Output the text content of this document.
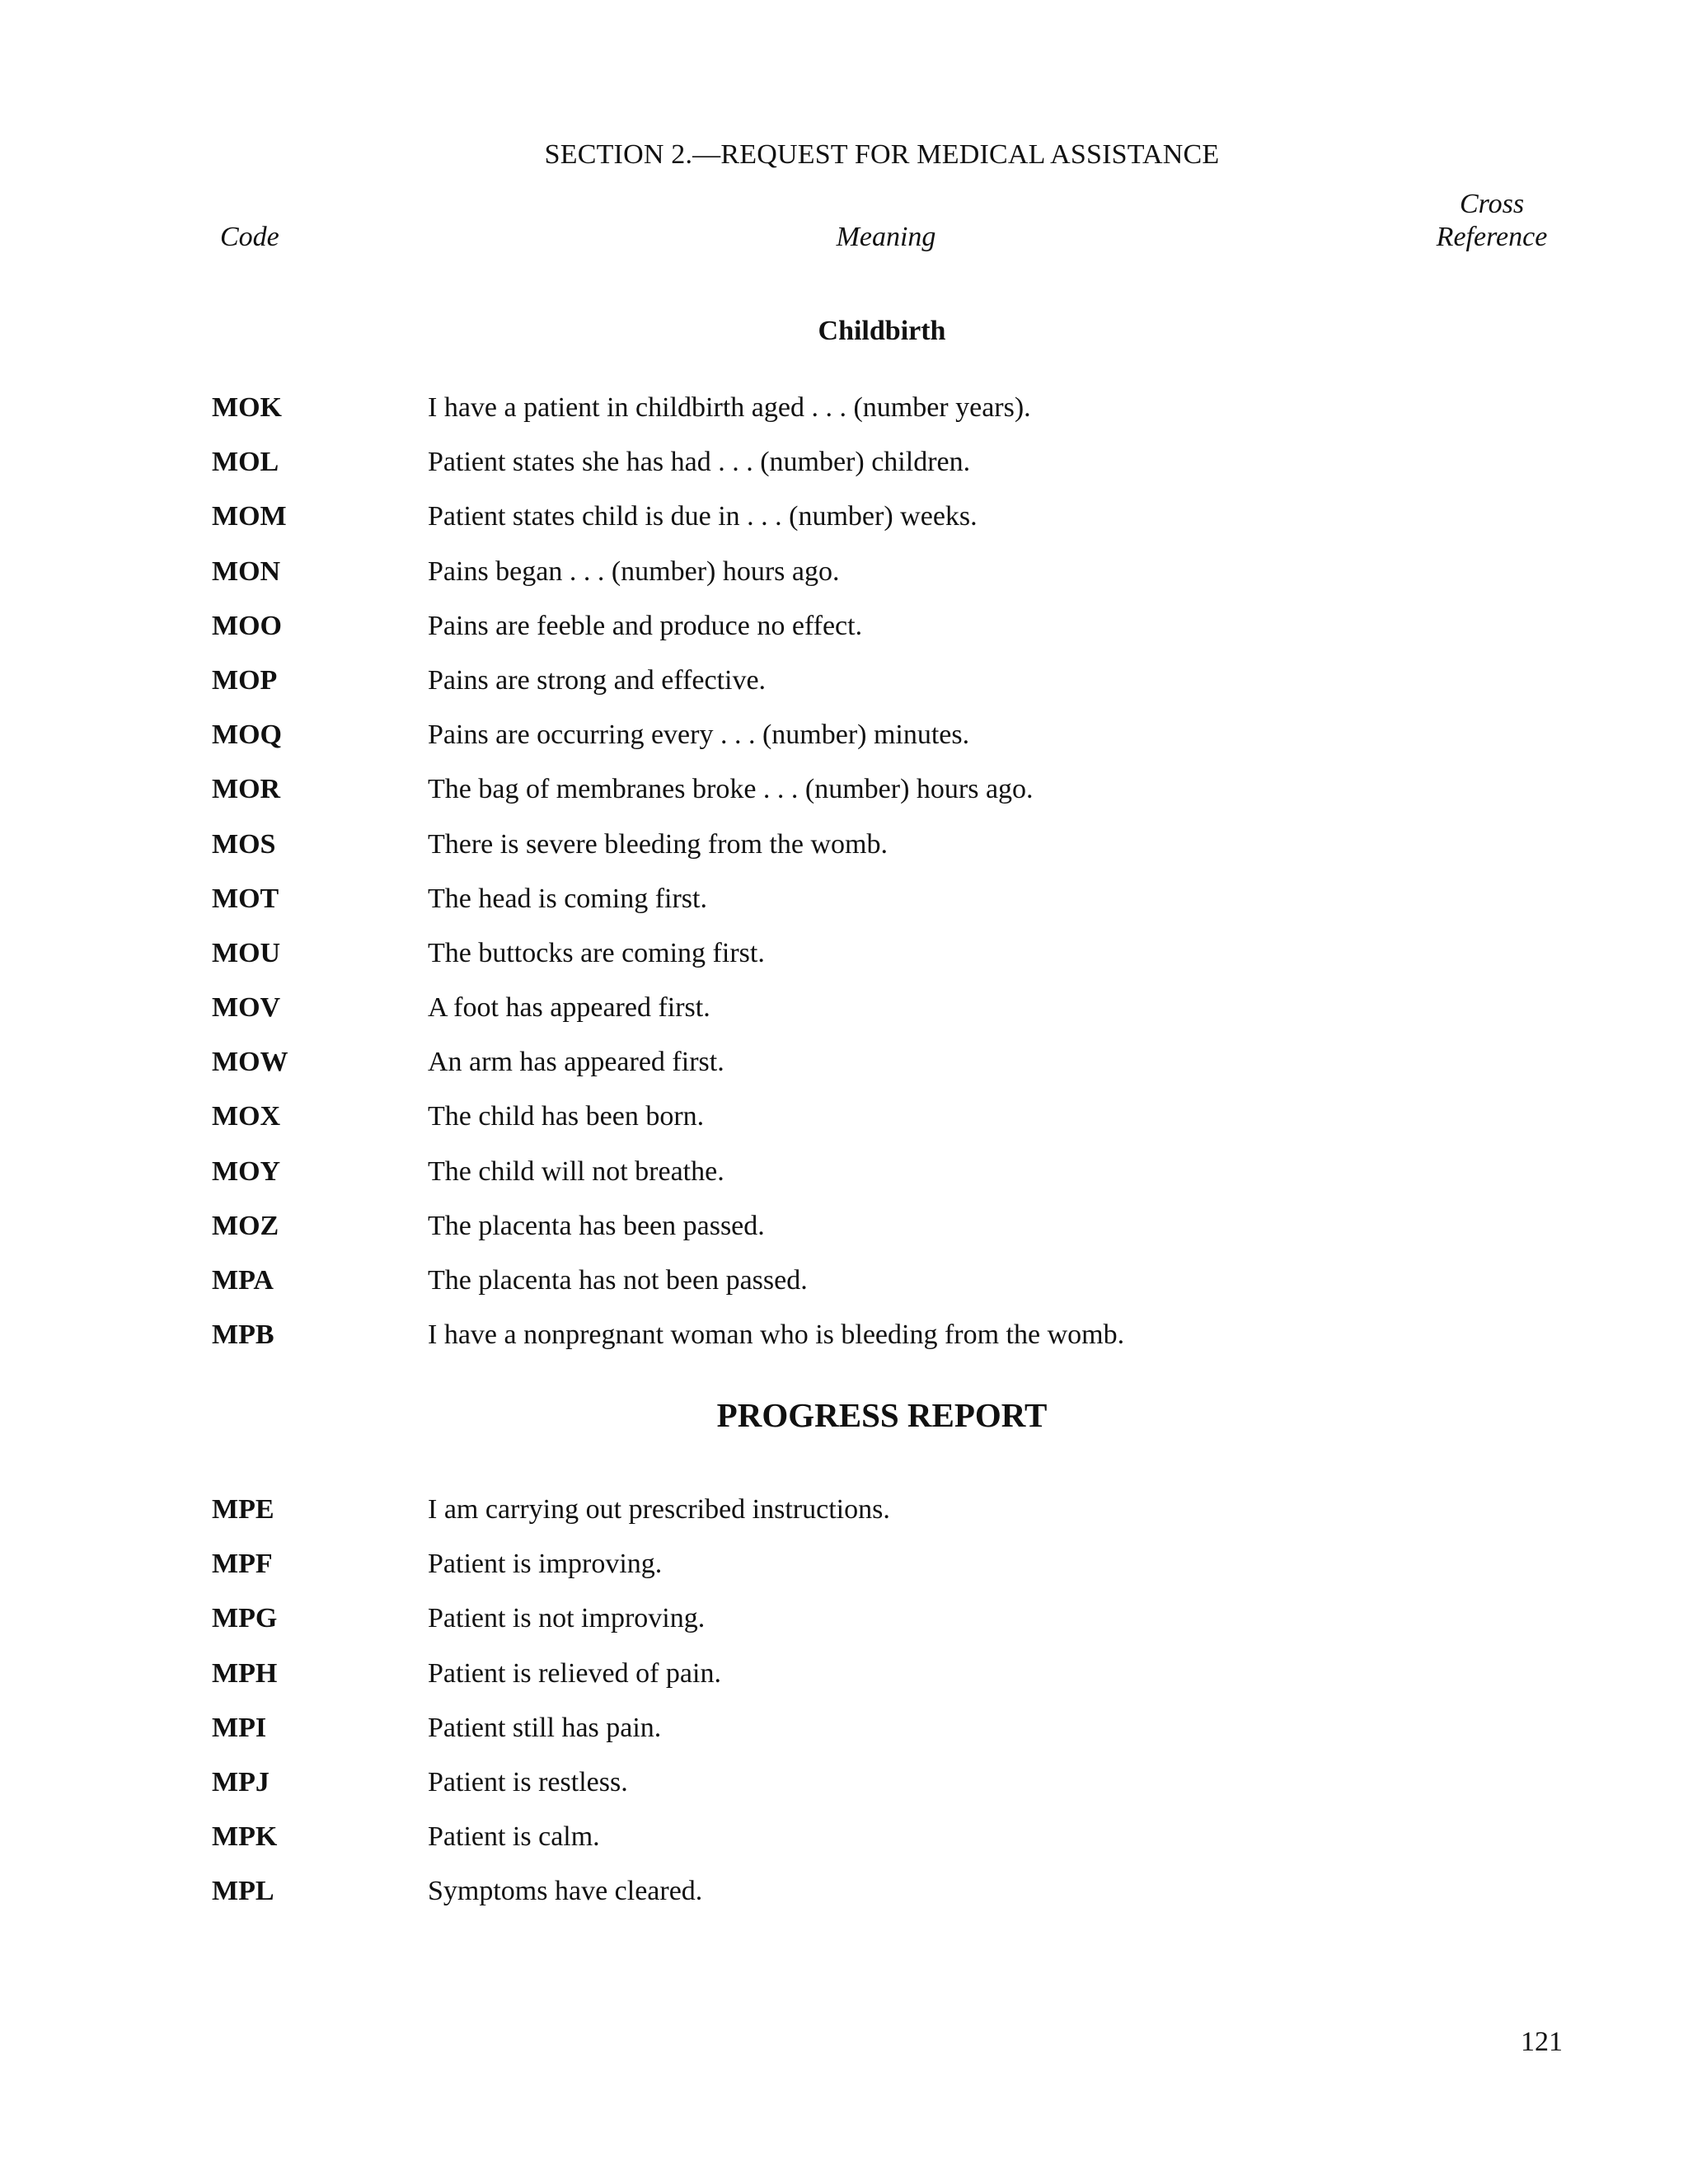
SECTION 2.—REQUEST FOR MEDICAL ASSISTANCE
Code	Meaning
Cross
Reference
Childbirth
MOK	I have a patient in childbirth aged . . . (number years).
MOL	Patient states she has had . . . (number) children.
MOM	Patient states child is due in . . . (number) weeks.
MON	Pains began . . . (number) hours ago.
MOO	Pains are feeble and produce no effect.
MOP	Pains are strong and effective.
MOQ	Pains are occurring every . . . (number) minutes.
MOR	The bag of membranes broke . . . (number) hours ago.
MOS	There is severe bleeding from the womb.
MOT	The head is coming first.
MOU	The buttocks are coming first.
MOV	A foot has appeared first.
MOW	An arm has appeared first.
MOX	The child has been born.
MOY	The child will not breathe.
MOZ	The placenta has been passed.
MPA	The placenta has not been passed.
MPB	I have a nonpregnant woman who is bleeding from the womb.
PROGRESS REPORT
MPE	I am carrying out prescribed instructions.
MPF	Patient is improving.
MPG	Patient is not improving.
MPH	Patient is relieved of pain.
MPI	Patient still has pain.
MPJ	Patient is restless.
MPK	Patient is calm.
MPL	Symptoms have cleared.
121
